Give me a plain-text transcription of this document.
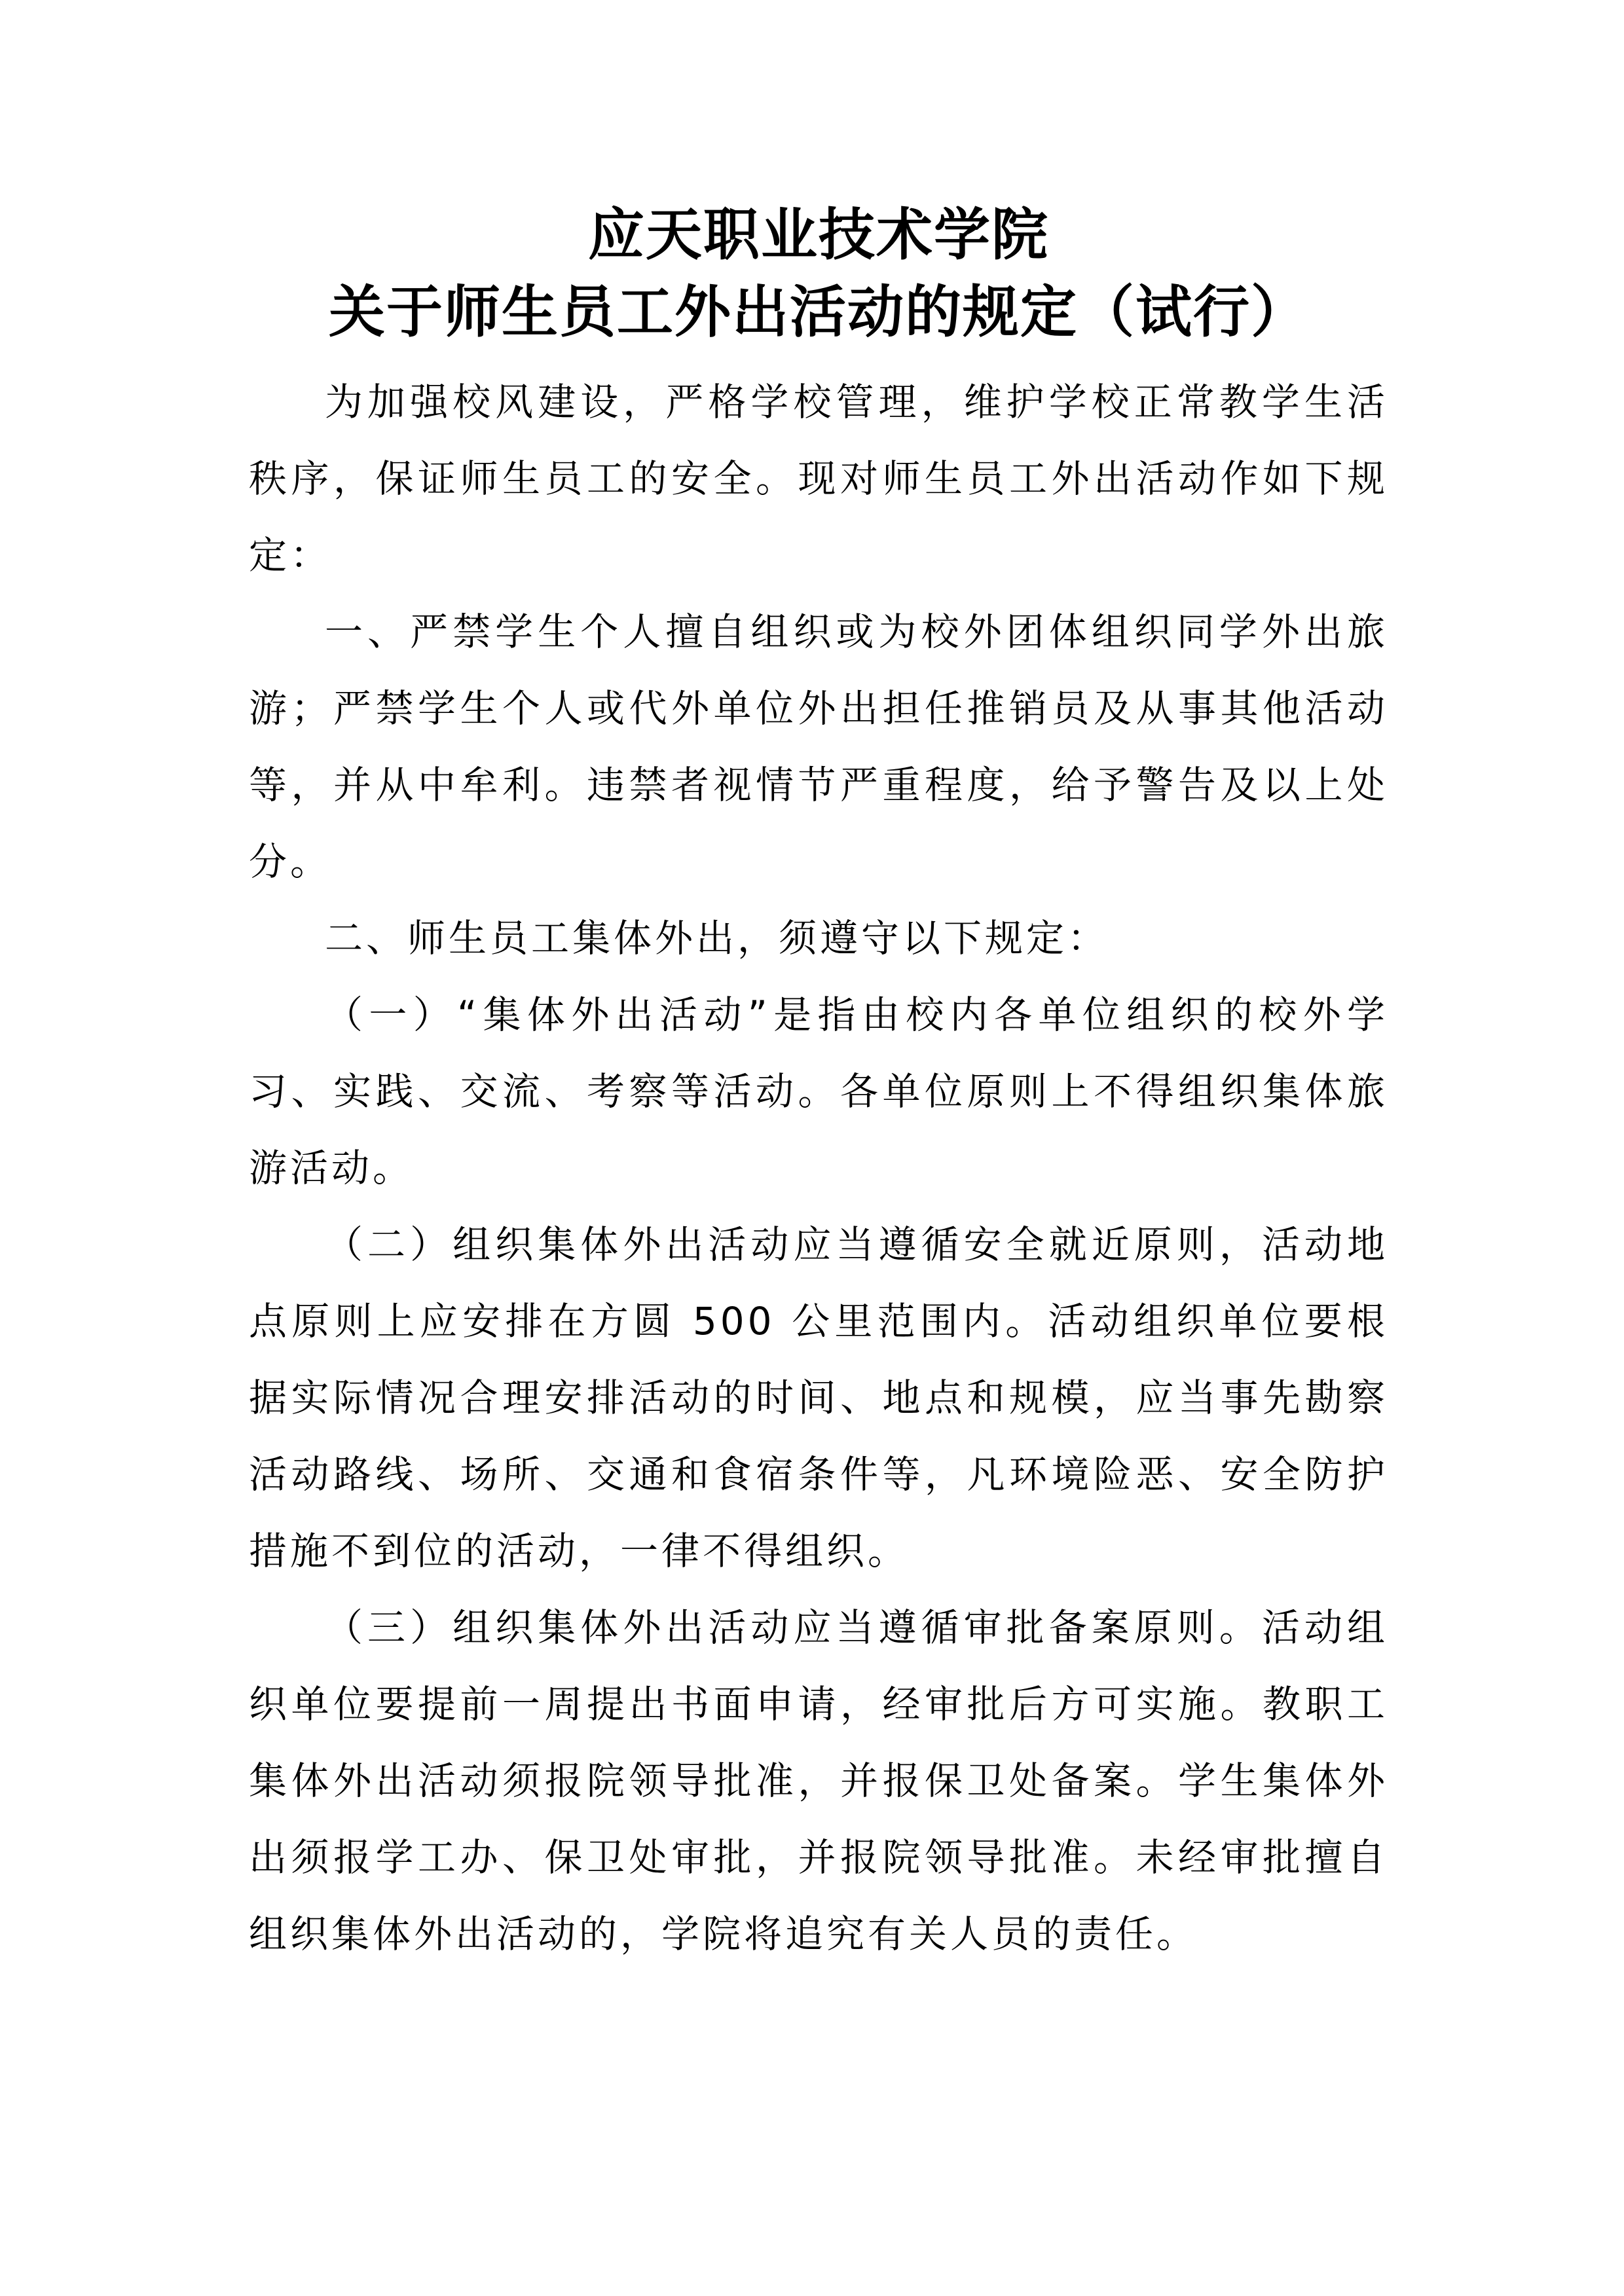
应天职业技术学院
关于师生员工外出活动的规定（试行）

为加强校风建设，严格学校管理，维护学校正常教学生活秩序，保证师生员工的安全。现对师生员工外出活动作如下规定：

一、严禁学生个人擅自组织或为校外团体组织同学外出旅游；严禁学生个人或代外单位外出担任推销员及从事其他活动等，并从中牟利。违禁者视情节严重程度，给予警告及以上处分。

二、师生员工集体外出，须遵守以下规定：

（一）“集体外出活动”是指由校内各单位组织的校外学习、实践、交流、考察等活动。各单位原则上不得组织集体旅游活动。

（二）组织集体外出活动应当遵循安全就近原则，活动地点原则上应安排在方圆 500 公里范围内。活动组织单位要根据实际情况合理安排活动的时间、地点和规模，应当事先勘察活动路线、场所、交通和食宿条件等，凡环境险恶、安全防护措施不到位的活动，一律不得组织。

（三）组织集体外出活动应当遵循审批备案原则。活动组织单位要提前一周提出书面申请，经审批后方可实施。教职工集体外出活动须报院领导批准，并报保卫处备案。学生集体外出须报学工办、保卫处审批，并报院领导批准。未经审批擅自组织集体外出活动的，学院将追究有关人员的责任。
